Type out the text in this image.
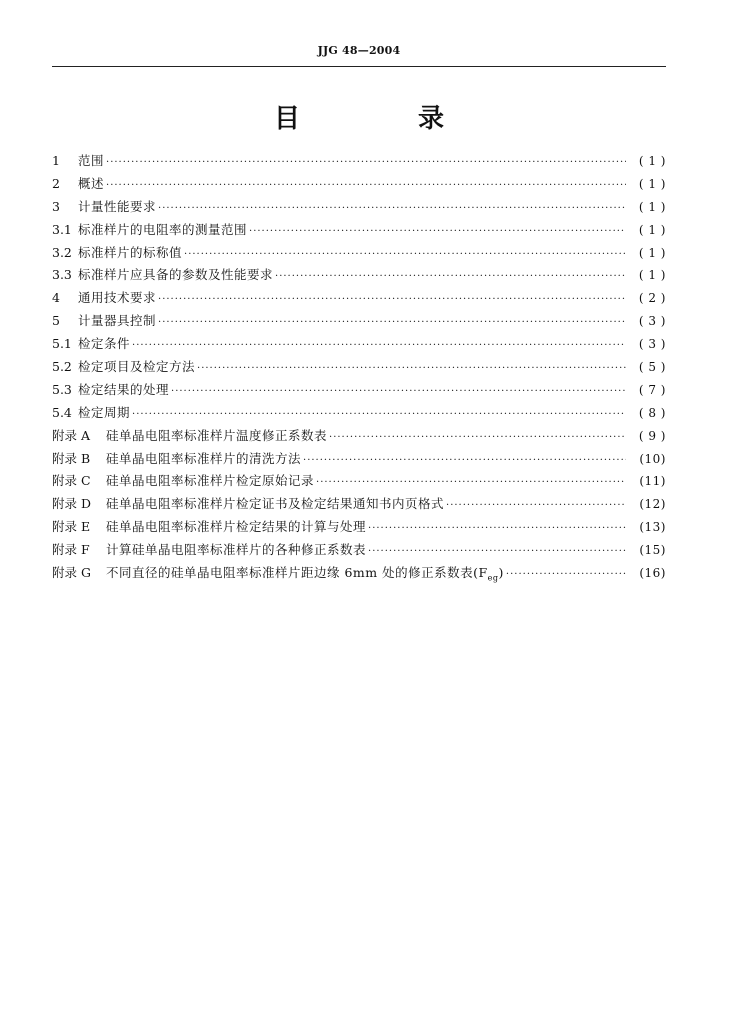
JJG 48—2004
目　录
1	范围 ·····	( 1 )
2	概述 ·····	( 1 )
3	计量性能要求 ·····	( 1 )
3.1 标准样片的电阻率的测量范围 ·····	( 1 )
3.2 标准样片的标称值 ·····	( 1 )
3.3 标准样片应具备的参数及性能要求 ·····	( 1 )
4	通用技术要求 ·····	( 2 )
5	计量器具控制 ·····	( 3 )
5.1 检定条件 ·····	( 3 )
5.2 检定项目及检定方法 ·····	( 5 )
5.3 检定结果的处理 ·····	( 7 )
5.4 检定周期 ·····	( 8 )
附录 A	硅单晶电阻率标准样片温度修正系数表 ·····	( 9 )
附录 B	硅单晶电阻率标准样片的清洗方法 ·····	(10)
附录 C	硅单晶电阻率标准样片检定原始记录 ·····	(11)
附录 D	硅单晶电阻率标准样片检定证书及检定结果通知书内页格式 ·····	(12)
附录 E	硅单晶电阻率标准样片检定结果的计算与处理 ·····	(13)
附录 F	计算硅单晶电阻率标准样片的各种修正系数表 ·····	(15)
附录 G	不同直径的硅单晶电阻率标准样片距边缘 6mm 处的修正系数表$(F_{eg})$ ·····	(16)
